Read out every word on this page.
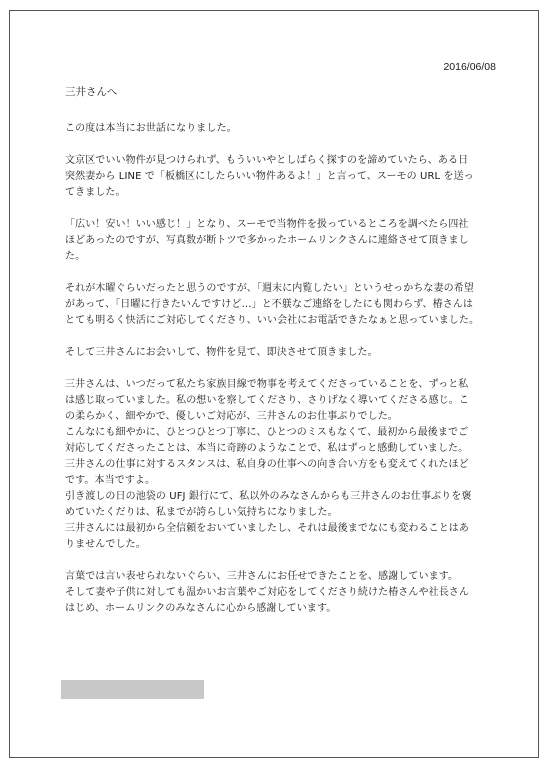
2016/06/08
三井さんへ

この度は本当にお世話になりました。

文京区でいい物件が見つけられず、もういいやとしばらく探すのを諦めていたら、ある日
突然妻から LINE で「板橋区にしたらいい物件あるよ！」と言って、スーモの URL を送っ
てきました。

「広い！安い！いい感じ！」となり、スーモで当物件を扱っているところを調べたら四社
ほどあったのですが、写真数が断トツで多かったホームリンクさんに連絡させて頂きまし
た。

それが木曜ぐらいだったと思うのですが、「週末に内覧したい」というせっかちな妻の希望
があって、「日曜に行きたいんですけど…」と不躾なご連絡をしたにも関わらず、椿さんは
とても明るく快活にご対応してくださり、いい会社にお電話できたなぁと思っていました。

そして三井さんにお会いして、物件を見て、即決させて頂きました。

三井さんは、いつだって私たち家族目線で物事を考えてくださっていることを、ずっと私
は感じ取っていました。私の想いを察してくださり、さりげなく導いてくださる感じ。こ
の柔らかく、細やかで、優しいご対応が、三井さんのお仕事ぶりでした。
こんなにも細やかに、ひとつひとつ丁寧に、ひとつのミスもなくて、最初から最後までご
対応してくださったことは、本当に奇跡のようなことで、私はずっと感動していました。
三井さんの仕事に対するスタンスは、私自身の仕事への向き合い方をも変えてくれたほど
です。本当ですよ。
引き渡しの日の池袋の UFJ 銀行にて、私以外のみなさんからも三井さんのお仕事ぶりを褒
めていたくだりは、私までが誇らしい気持ちになりました。
三井さんには最初から全信頼をおいていましたし、それは最後までなにも変わることはあ
りませんでした。

言葉では言い表せられないぐらい、三井さんにお任せできたことを、感謝しています。
そして妻や子供に対しても温かいお言葉やご対応をしてくださり続けた椿さんや社長さん
はじめ、ホームリンクのみなさんに心から感謝しています。
